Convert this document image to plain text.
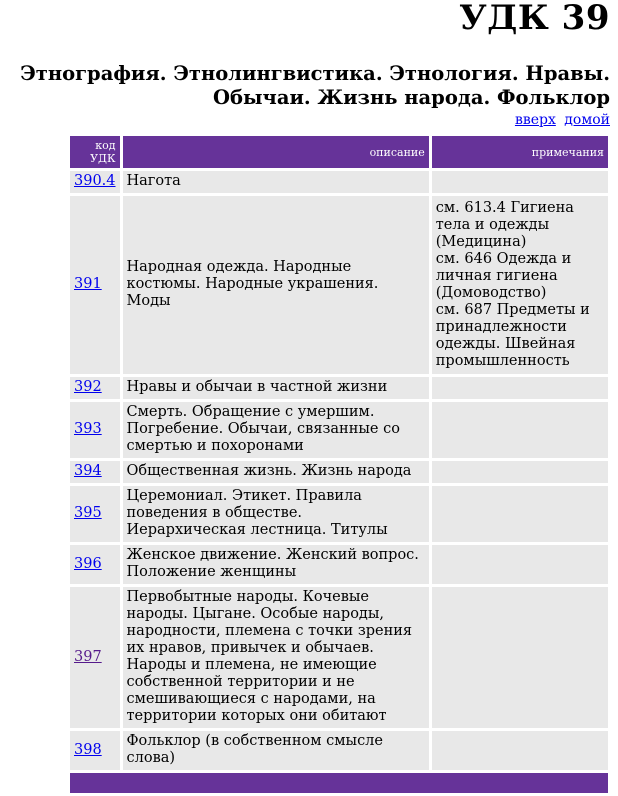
УДК 39
Этнография. Этнолингвистика. Этнология. Нравы. Обычаи. Жизнь народа. Фольклор
вверх домой
код УДК	описание	примечания
390.4	Нагота	
391	Народная одежда. Народные костюмы. Народные украшения. Моды	см. 613.4 Гигиена тела и одежды (Медицина)
см. 646 Одежда и личная гигиена (Домоводство)
см. 687 Предметы и принадлежности одежды. Швейная промышленность
392	Нравы и обычаи в частной жизни	
393	Смерть. Обращение с умершим. Погребение. Обычаи, связанные со смертью и похоронами	
394	Общественная жизнь. Жизнь народа	
395	Церемониал. Этикет. Правила поведения в обществе. Иерархическая лестница. Титулы	
396	Женское движение. Женский вопрос. Положение женщины	
397	Первобытные народы. Кочевые народы. Цыгане. Особые народы, народности, племена с точки зрения их нравов, привычек и обычаев. Народы и племена, не имеющие собственной территории и не смешивающиеся с народами, на территории которых они обитают	
398	Фольклор (в собственном смысле слова)	
